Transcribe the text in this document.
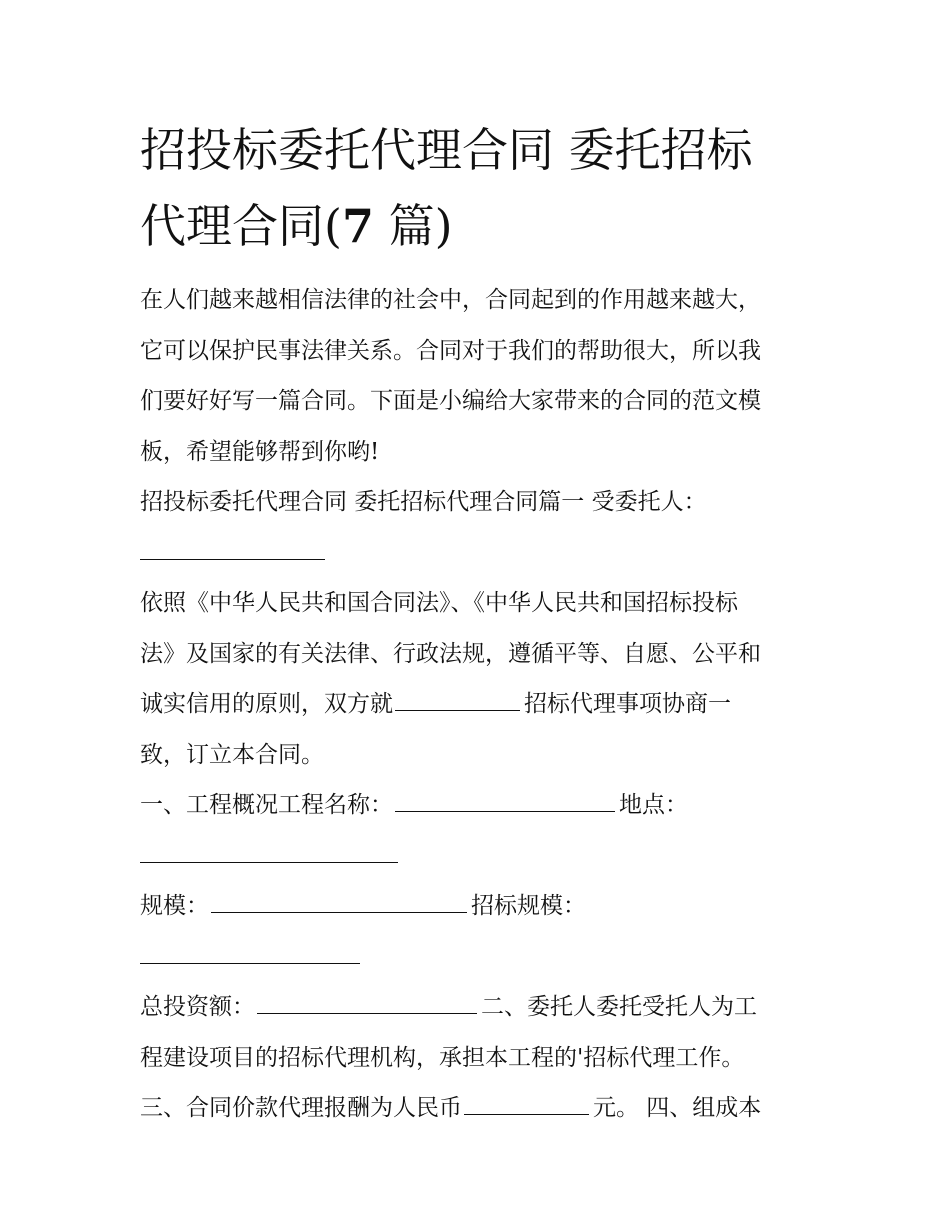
招投标委托代理合同 委托招标
代理合同(7 篇)
在人们越来越相信法律的社会中，合同起到的作用越来越大，
它可以保护民事法律关系。合同对于我们的帮助很大，所以我
们要好好写一篇合同。下面是小编给大家带来的合同的范文模
板，希望能够帮到你哟!
招投标委托代理合同 委托招标代理合同篇一 受委托人：
依照《中华人民共和国合同法》、《中华人民共和国招标投标
法》及国家的有关法律、行政法规，遵循平等、自愿、公平和
诚实信用的原则，双方就	招标代理事项协商一
致，订立本合同。
一、工程概况工程名称：	地点：
规模：	招标规模：
总投资额：	二、委托人委托受托人为工
程建设项目的招标代理机构，承担本工程的'招标代理工作。
三、合同价款代理报酬为人民币	元。 四、组成本
